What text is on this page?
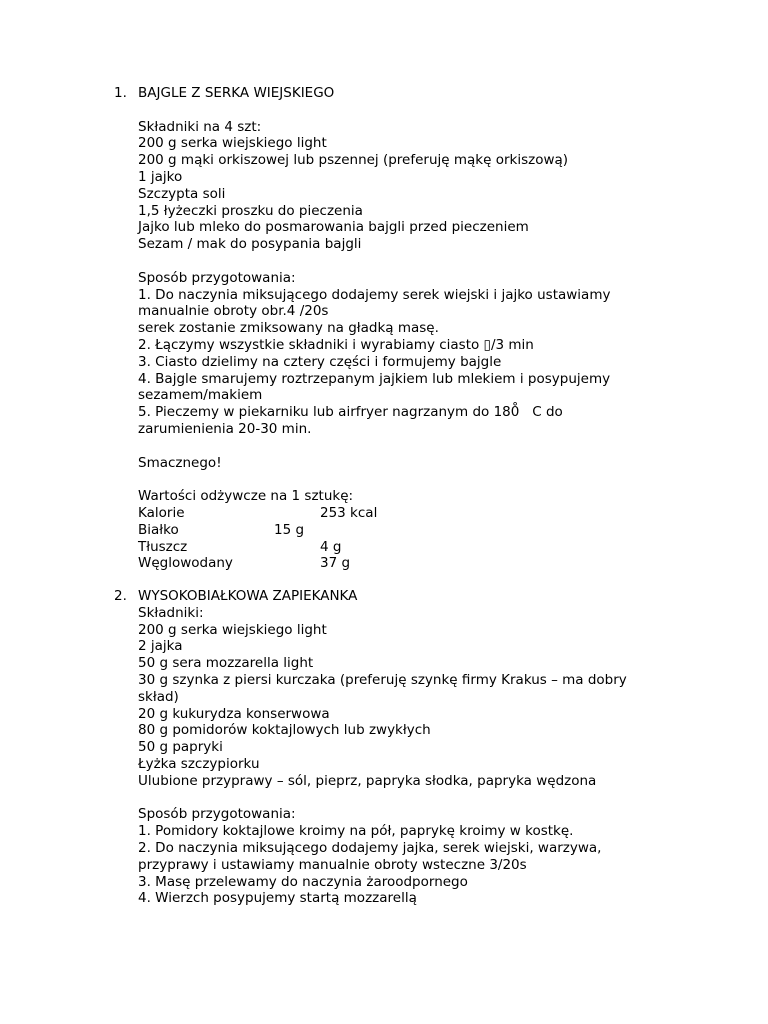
1. BAJGLE Z SERKA WIEJSKIEGO
Składniki na 4 szt:
200 g serka wiejskiego light
200 g mąki orkiszowej lub pszennej (preferuję mąkę orkiszową)
1 jajko
Szczypta soli
1,5 łyżeczki proszku do pieczenia
Jajko lub mleko do posmarowania bajgli przed pieczeniem
Sezam / mak do posypania bajgli
Sposób przygotowania:
1. Do naczynia miksującego dodajemy serek wiejski i jajko ustawiamy
manualnie obroty obr.4 /20s
serek zostanie zmiksowany na gładką masę.
2. Łączymy wszystkie składniki i wyrabiamy ciasto ▯/3 min
3. Ciasto dzielimy na cztery części i formujemy bajgle
4. Bajgle smarujemy roztrzepanym jajkiem lub mlekiem i posypujemy
sezamem/makiem
5. Pieczemy w piekarniku lub airfryer nagrzanym do 180̊   C do
zarumienienia 20-30 min.
Smacznego!
Wartości odżywcze na 1 sztukę:
Kalorie	253 kcal
Białko	15 g
Tłuszcz	4 g
Węglowodany	37 g
2. WYSOKOBIAŁKOWA ZAPIEKANKA
Składniki:
200 g serka wiejskiego light
2 jajka
50 g sera mozzarella light
30 g szynka z piersi kurczaka (preferuję szynkę firmy Krakus – ma dobry
skład)
20 g kukurydza konserwowa
80 g pomidorów koktajlowych lub zwykłych
50 g papryki
Łyżka szczypiorku
Ulubione przyprawy – sól, pieprz, papryka słodka, papryka wędzona
Sposób przygotowania:
1. Pomidory koktajlowe kroimy na pół, paprykę kroimy w kostkę.
2. Do naczynia miksującego dodajemy jajka, serek wiejski, warzywa,
przyprawy i ustawiamy manualnie obroty wsteczne 3/20s
3. Masę przelewamy do naczynia żaroodpornego
4. Wierzch posypujemy startą mozzarellą
